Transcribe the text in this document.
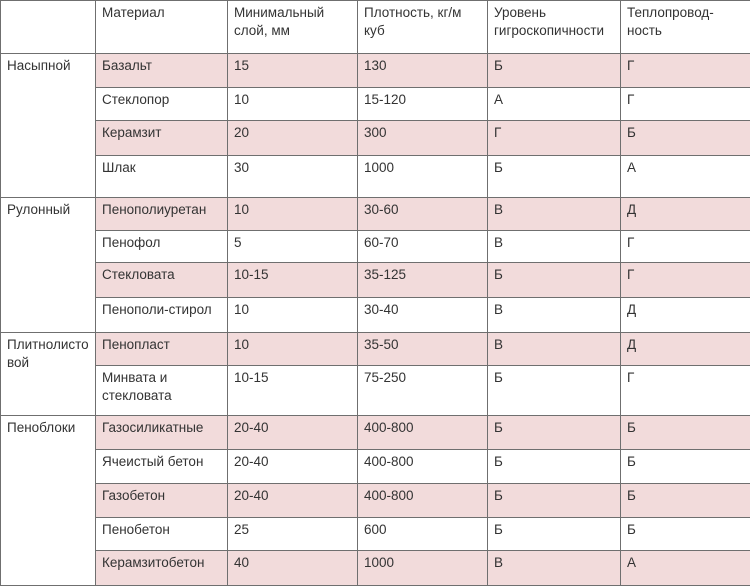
	Материал	Минимальный слой, мм	Плотность, кг/м куб	Уровень гигроскопичности	Теплопровод-ность
Насыпной	Базальт	15	130	Б	Г
	Стеклопор	10	15-120	А	Г
	Керамзит	20	300	Г	Б
	Шлак	30	1000	Б	А
Рулонный	Пенополиуретан	10	30-60	В	Д
	Пенофол	5	60-70	В	Г
	Стекловата	10-15	35-125	Б	Г
	Пенополи-стирол	10	30-40	В	Д
Плитнолистовой	Пенопласт	10	35-50	В	Д
	Минвата и стекловата	10-15	75-250	Б	Г
Пеноблоки	Газосиликатные	20-40	400-800	Б	Б
	Ячеистый бетон	20-40	400-800	Б	Б
	Газобетон	20-40	400-800	Б	Б
	Пенобетон	25	600	Б	Б
	Керамзитобетон	40	1000	В	А
